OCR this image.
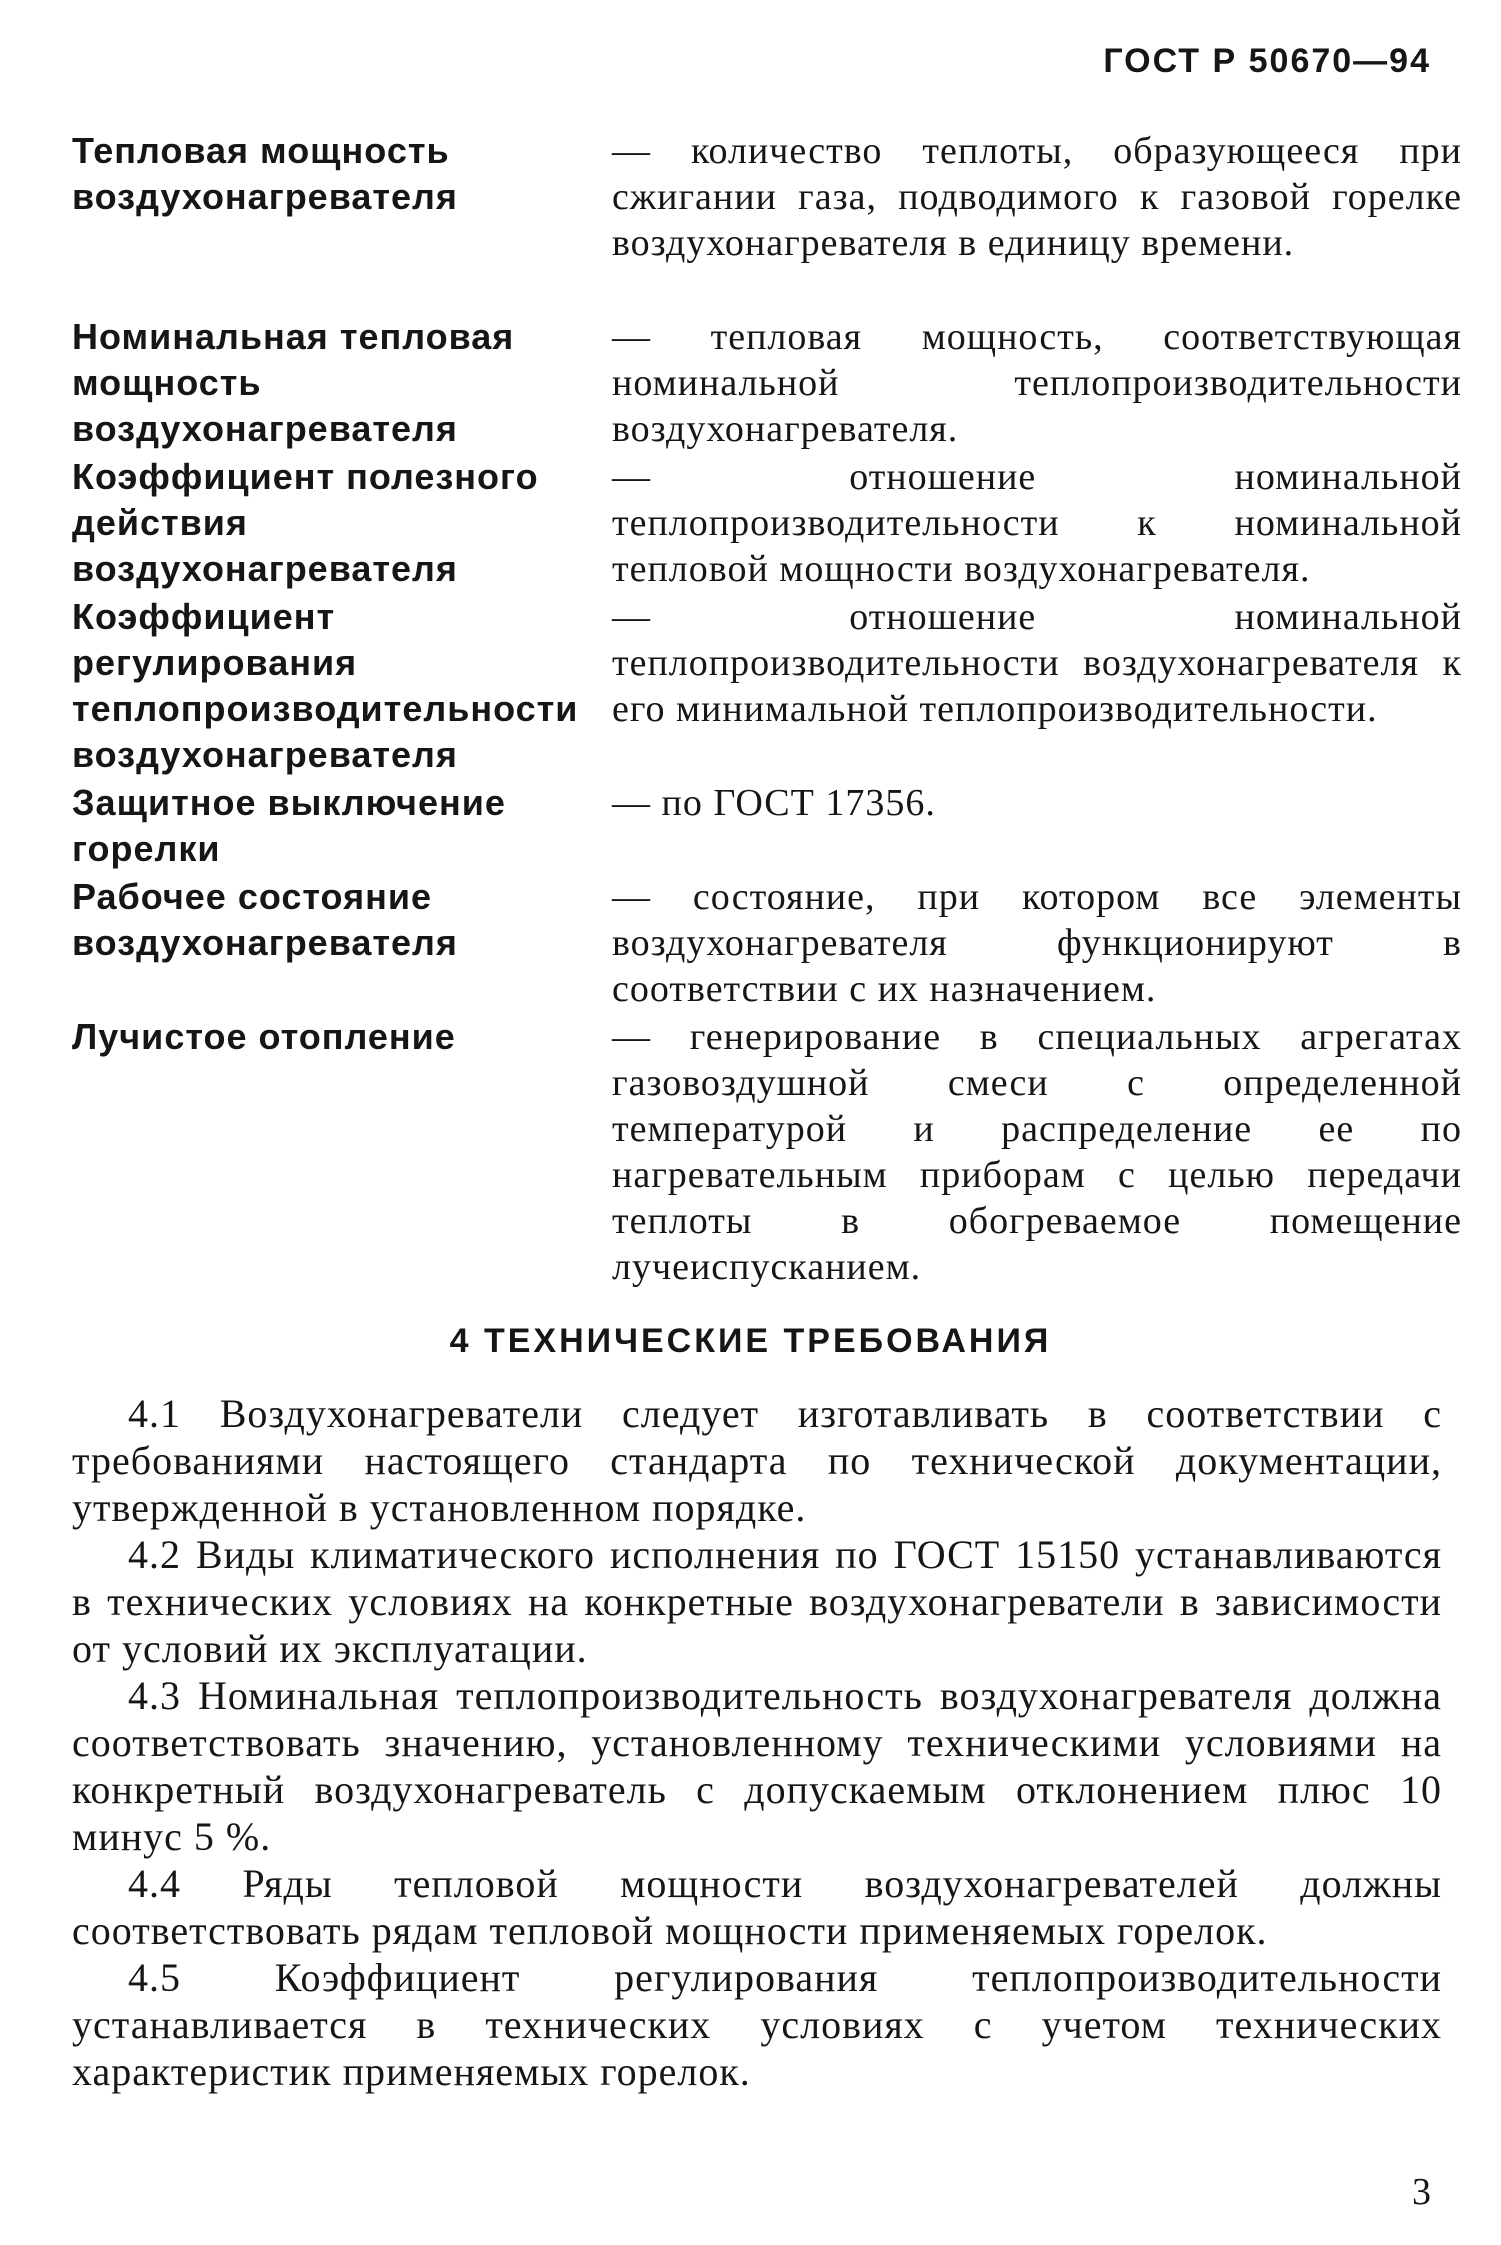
ГОСТ Р 50670—94
Тепловая мощность воздухонагревателя
— количество теплоты, образующееся при сжигании газа, подводимого к газовой горелке воздухонагревателя в единицу времени.
Номинальная тепловая мощность воздухонагревателя
— тепловая мощность, соответствующая номинальной теплопроизводительности воздухонагревателя.
Коэффициент полезного действия воздухонагревателя
— отношение номинальной теплопроизводительности к номинальной тепловой мощности воздухонагревателя.
Коэффициент регулирования теплопроизводительности воздухонагревателя
— отношение номинальной теплопроизводительности воздухонагревателя к его минимальной теплопроизводительности.
Защитное выключение горелки
— по ГОСТ 17356.
Рабочее состояние воздухонагревателя
— состояние, при котором все элементы воздухонагревателя функционируют в соответствии с их назначением.
Лучистое отопление	— генерирование в специальных агрегатах газовоздушной смеси с определенной температурой и распределение ее по нагревательным приборам с целью передачи теплоты в обогреваемое помещение лучеиспусканием.
4 ТЕХНИЧЕСКИЕ ТРЕБОВАНИЯ

4.1 Воздухонагреватели следует изготавливать в соответствии с требованиями настоящего стандарта по технической документации, утвержденной в установленном порядке.

4.2 Виды климатического исполнения по ГОСТ 15150 устанавливаются в технических условиях на конкретные воздухонагреватели в зависимости от условий их эксплуатации.

4.3 Номинальная теплопроизводительность воздухонагревателя должна соответствовать значению, установленному техническими условиями на конкретный воздухонагреватель с допускаемым отклонением плюс 10 минус 5 %.

4.4 Ряды тепловой мощности воздухонагревателей должны соответствовать рядам тепловой мощности применяемых горелок.

4.5 Коэффициент регулирования теплопроизводительности устанавливается в технических условиях с учетом технических характеристик применяемых горелок.

3
